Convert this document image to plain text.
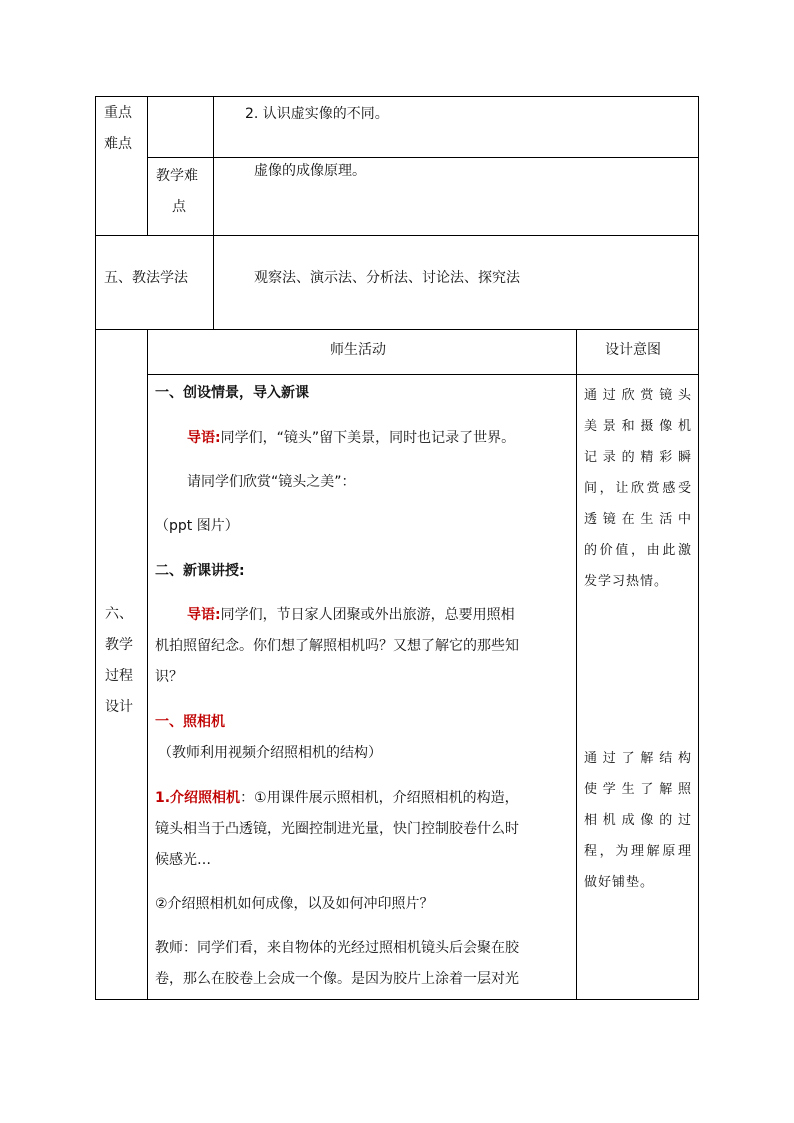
重点
难点
2. 认识虚实像的不同。
教学难
点
虚像的成像原理。
五、教法学法	观察法、演示法、分析法、讨论法、探究法
六、
教学
过程
设计
师生活动	设计意图
一、创设情景，导入新课
导语:同学们，“镜头”留下美景，同时也记录了世界。
请同学们欣赏“镜头之美”：
（ppt 图片）
二、新课讲授:
导语:同学们，节日家人团聚或外出旅游，总要用照相
机拍照留纪念。你们想了解照相机吗？又想了解它的那些知
识？
一、照相机
（教师利用视频介绍照相机的结构）
1.介绍照相机：①用课件展示照相机，介绍照相机的构造，
镜头相当于凸透镜，光圈控制进光量，快门控制胶卷什么时
候感光…
②介绍照相机如何成像，以及如何冲印照片？
教师：同学们看，来自物体的光经过照相机镜头后会聚在胶
卷，那么在胶卷上会成一个像。是因为胶片上涂着一层对光
通过欣赏镜头
美景和摄像机
记录的精彩瞬
间，让欣赏感受
透镜在生活中
的价值，由此激
发学习热情。
通过了解结构
使学生了解照
相机成像的过
程，为理解原理
做好铺垫。
